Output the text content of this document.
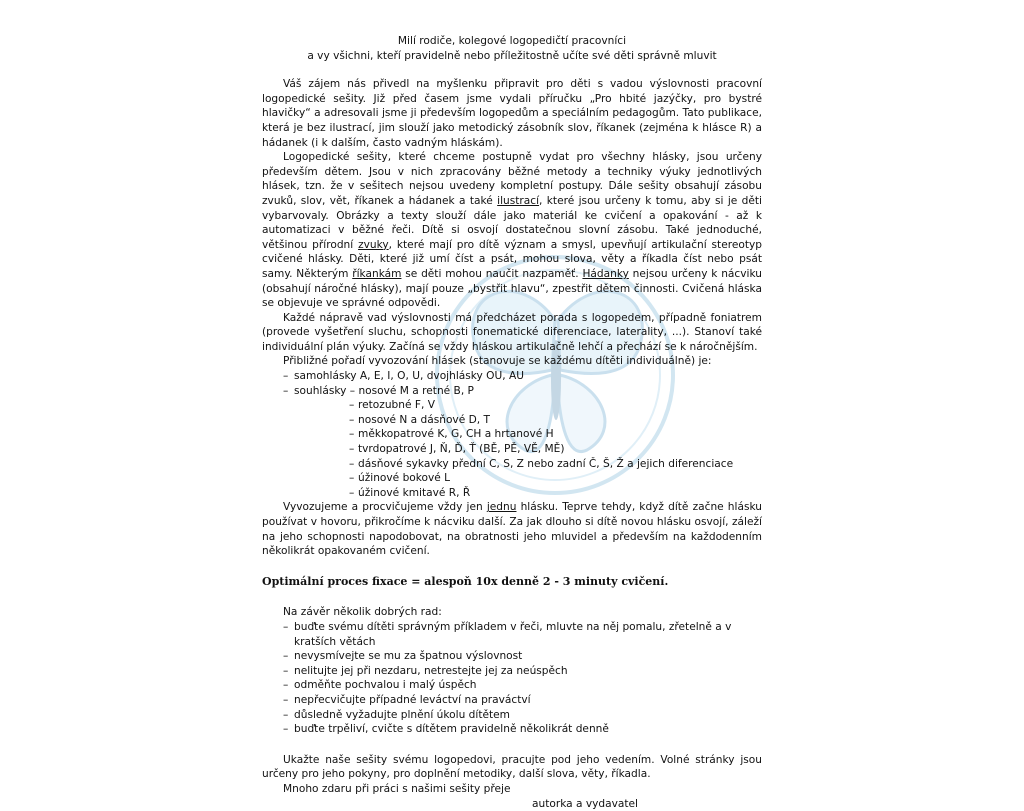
Milí rodiče, kolegové logopedičtí pracovníci
a vy všichni, kteří pravidelně nebo příležitostně učíte své děti správně mluvit

Váš zájem nás přivedl na myšlenku připravit pro děti s vadou výslovnosti pracovní logopedické sešity. Již před časem jsme vydali příručku „Pro hbité jazýčky, pro bystré hlavičky“ a adresovali jsme ji především logopedům a speciálním pedagogům. Tato publikace, která je bez ilustrací, jim slouží jako metodický zásobník slov, říkanek (zejména k hlásce R) a hádanek (i k dalším, často vadným hláskám).

Logopedické sešity, které chceme postupně vydat pro všechny hlásky, jsou určeny především dětem. Jsou v nich zpracovány běžné metody a techniky výuky jednotlivých hlásek, tzn. že v sešitech nejsou uvedeny kompletní postupy. Dále sešity obsahují zásobu zvuků, slov, vět, říkanek a hádanek a také ilustrací, které jsou určeny k tomu, aby si je děti vybarvovaly. Obrázky a texty slouží dále jako materiál ke cvičení a opakování - až k automatizaci v běžné řeči. Dítě si osvojí dostatečnou slovní zásobu. Také jednoduché, většinou přírodní zvuky, které mají pro dítě význam a smysl, upevňují artikulační stereotyp cvičené hlásky. Děti, které již umí číst a psát, mohou slova, věty a říkadla číst nebo psát samy. Některým říkankám se děti mohou naučit nazpaměť. Hádanky nejsou určeny k nácviku (obsahují náročné hlásky), mají pouze „bystřit hlavu“, zpestřit dětem činnosti. Cvičená hláska se objevuje ve správné odpovědi.

Každé nápravě vad výslovnosti má předcházet porada s logopedem, případně foniatrem (provede vyšetření sluchu, schopnosti fonematické diferenciace, laterality, ...). Stanoví také individuální plán výuky. Začíná se vždy hláskou artikulačně lehčí a přechází se k náročnějším.

Přibližné pořadí vyvozování hlásek (stanovuje se každému dítěti individuálně) je:
– samohlásky A, E, I, O, U, dvojhlásky OU, AU
– souhlásky – nosové M a retné B, P
– retozubné F, V
– nosové N a dásňové D, T
– měkkopatrové K, G, CH a hrtanové H
– tvrdopatrové J, Ň, Ď, Ť (BĚ, PĚ, VĚ, MĚ)
– dásňové sykavky přední C, S, Z nebo zadní Č, Š, Ž a jejich diferenciace
– úžinové bokové L
– úžinové kmitavé R, Ř

Vyvozujeme a procvičujeme vždy jen jednu hlásku. Teprve tehdy, když dítě začne hlásku používat v hovoru, přikročíme k nácviku další. Za jak dlouho si dítě novou hlásku osvojí, záleží na jeho schopnosti napodobovat, na obratnosti jeho mluvidel a především na každodenním několikrát opakovaném cvičení.

Optimální proces fixace = alespoň 10x denně 2 - 3 minuty cvičení.
Na závěr několik dobrých rad:
– buďte svému dítěti správným příkladem v řeči, mluvte na něj pomalu, zřetelně a v kratších větách
– nevysmívejte se mu za špatnou výslovnost
– nelitujte jej při nezdaru, netrestejte jej za neúspěch
– odměňte pochvalou i malý úspěch
– nepřecvičujte případné leváctví na praváctví
– důsledně vyžadujte plnění úkolu dítětem
– buďte trpěliví, cvičte s dítětem pravidelně několikrát denně

Ukažte naše sešity svému logopedovi, pracujte pod jeho vedením. Volné stránky jsou určeny pro jeho pokyny, pro doplnění metodiky, další slova, věty, říkadla.

Mnoho zdaru při práci s našimi sešity přeje

autorka a vydavatel
